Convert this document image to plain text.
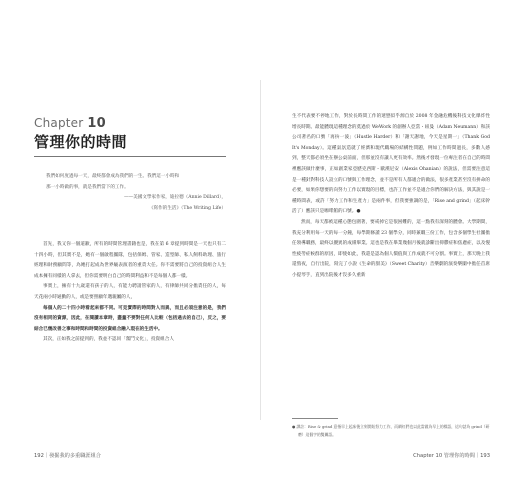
Chapter 10
管理你的時間

我們如何度過每一天，最終都會成為我們的一生。我們這一小時和

那一小時做的事，就是我們當下的工作。

——美國文學家作家，迪拉德（Annie Dillard），

《寫作的生活》（The Writing Life）

首先，我又你一個道歉，所有的時間管理書籍也是，我在第 6 章提到時間是一天也只有二十四小時，但其實不是，她有一個啟程團隊，包括保姆、管家、造型師、私人飼料助理、旅行經理和財務顧問等，為她打起成為世界級表演者的重責大任。你不需要將自己的投資組合人生成本擁有同樣的人拿去，但你需要明白自己的時間利益和不是每個人都一樣。

事實上，擁有十九歲還有孩子的人，有能力聘請管家的人，有律師共同分擔責任的人，每天花兩小時通勤的人，或是要照顧年邁親屬的人，

每個人的二十四小時看起來都不同。可見實際的時間對人而異，而且必須注意的是，我們沒有相同的資源，因此，在閱讀本章時，盡量不要對任何人比較（包括過去的自己），反之，要結合已幾改善之事和時間和時間的投資組合融入現在的生活中。

其次，正如我之前提到的，我並不認同「奮鬥文化」，投資組合人

192｜發掘我的多重職涯組合

生不代表要不停地工作，對於長時間工作的迷戀似乎源自於 2008 年金融危機後科技文化爆炸性增長時期。最能體現這種理念的莫過於 WeWork 的創辦人亞當・紐曼（Adam Neumann）和該公司著名的口號「再拚一波」（Hustle Harder）和「謝天謝地，今天是星期一」（Thank God It's Monday）。這種氣氛造就了經濟和現代職場的結構性問題，例如工作時間過長，多數人感到，整天都必須坐在辦公桌前面，但那並沒有讓人更有效率。然後才發現一位專注者在自己的時間裡應該做什麼事，正如創業家亞歷克西斯・歐漢尼安（Alexis Ohanian）的說法，但需要注意這是一種針對科技人設立的口號與工作理念，並不是所有人都適合的做法，很多產業甚至沒有拼命的必要，如果你想要的向努力工作以實現的目標，也許工作並不是適合你們的解決方法，與其說是一種時間表，或許「努力工作和生產力」是兩件事，但我要強調的是，「Rise and grind」（起床幹活了）應該只是咖啡館的口號。●

然而，每天都被這種心態包圍著，要戒掉它是很困難的，這一點我有深刻的體會。大學期間，我充分利用每一天的每一分鐘，每學期修讀 23 個學分，同時兼職三份工作，包含多個學生社團擔任領導職務，最終以優異的成績畢業。這也是我在畢業幾個月後就診斷出抑鬱症和焦慮症，以及慢性疲勞症候群的原因，即使如此，我還是認為個人價值與工作成就不可分割。事實上，那天晚上我還熬夜，自行出院，寫完了小說《生命的甜美》（Sweet Charity）音樂劇的演奏樂團中擔任首席小提琴手，直到出院後才沒多久重新

● 譯註：Rise & grind 意指早上起床後立刻開始努力工作，而網紅們也以此當做為早上的標語，這句話為 grind（研磨）這個字的雙關語。

Chapter 10 管理你的時間｜193
